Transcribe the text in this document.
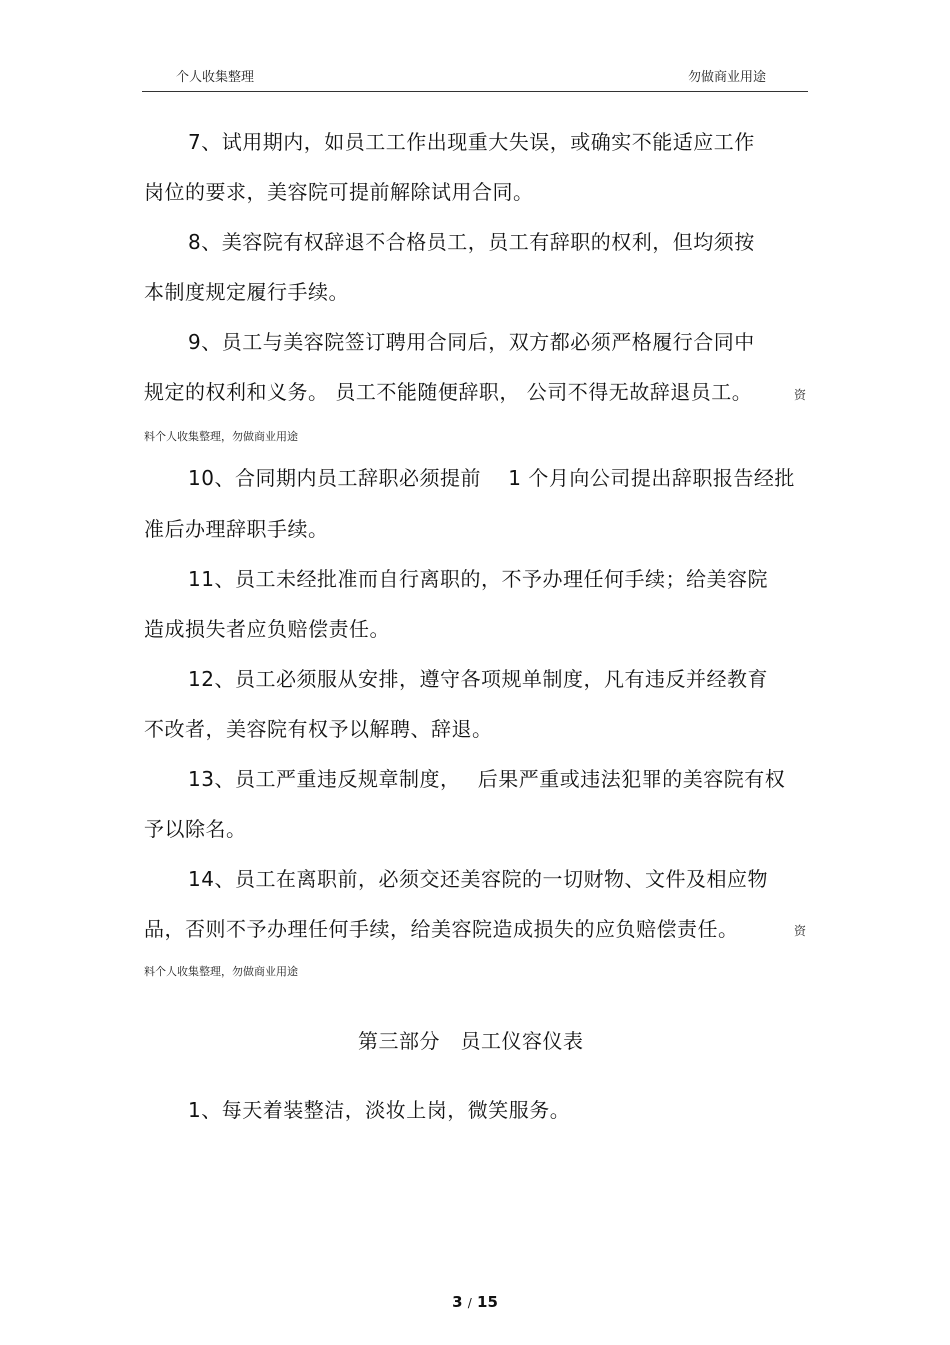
个人收集整理	勿做商业用途
7、试用期内，如员工工作出现重大失误，或确实不能适应工作
岗位的要求，美容院可提前解除试用合同。
8、美容院有权辞退不合格员工，员工有辞职的权利，但均须按
本制度规定履行手续。
9、员工与美容院签订聘用合同后，双方都必须严格履行合同中
规定的权利和义务。 员工不能随便辞职， 公司不得无故辞退员工。	资
料个人收集整理，勿做商业用途
10、合同期内员工辞职必须提前　 1 个月向公司提出辞职报告经批
准后办理辞职手续。
11、员工未经批准而自行离职的，不予办理任何手续；给美容院
造成损失者应负赔偿责任。
12、员工必须服从安排，遵守各项规单制度，凡有违反并经教育
不改者，美容院有权予以解聘、辞退。
13、员工严重违反规章制度，　 后果严重或违法犯罪的美容院有权
予以除名。
14、员工在离职前，必须交还美容院的一切财物、文件及相应物
品，否则不予办理任何手续，给美容院造成损失的应负赔偿责任。	资
料个人收集整理，勿做商业用途
第三部分　员工仪容仪表
1、每天着装整洁，淡妆上岗，微笑服务。
3 / 15
